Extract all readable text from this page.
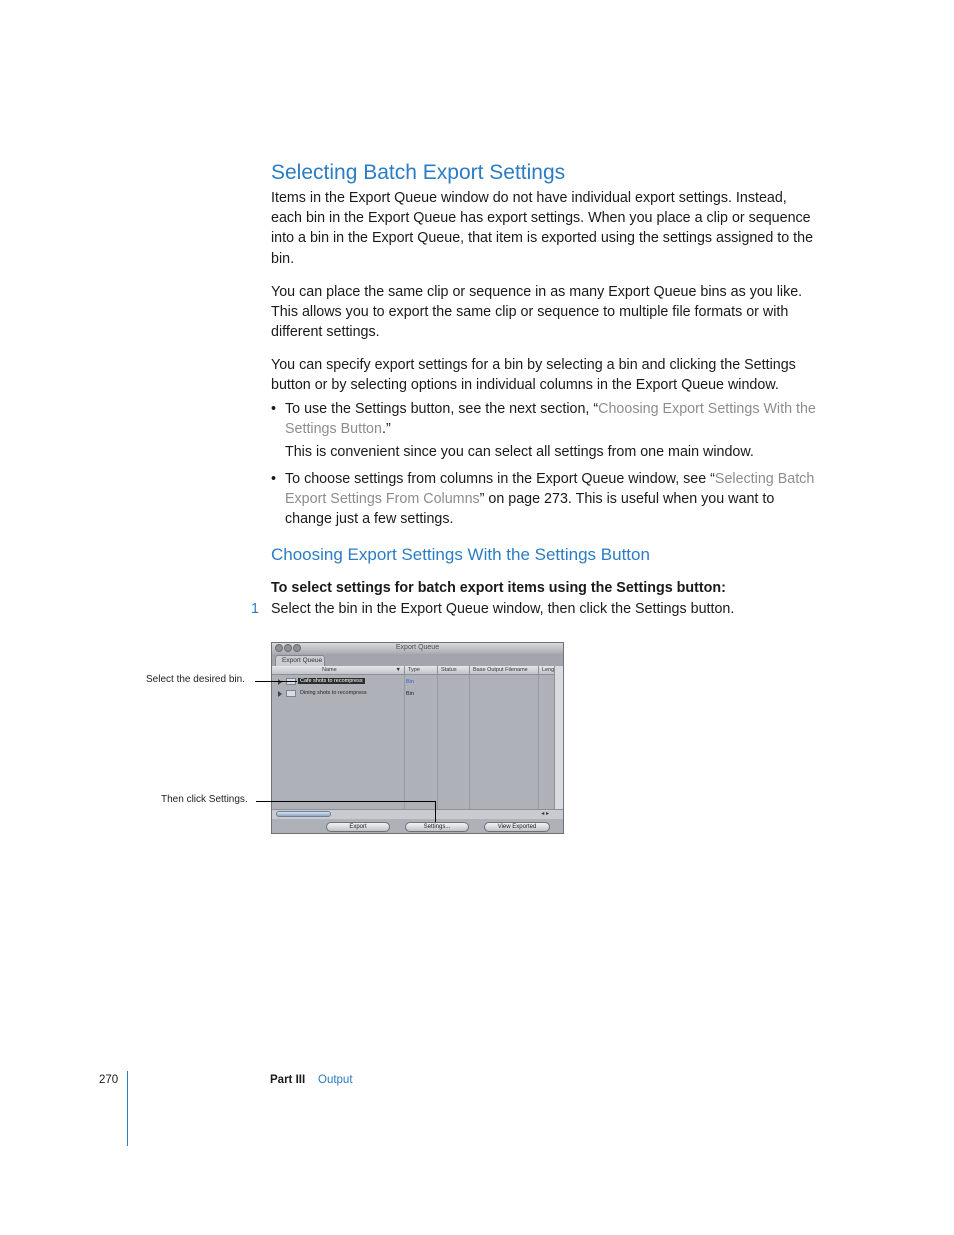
Selecting Batch Export Settings

Items in the Export Queue window do not have individual export settings. Instead, each bin in the Export Queue has export settings. When you place a clip or sequence into a bin in the Export Queue, that item is exported using the settings assigned to the bin.

You can place the same clip or sequence in as many Export Queue bins as you like. This allows you to export the same clip or sequence to multiple file formats or with different settings.

You can specify export settings for a bin by selecting a bin and clicking the Settings button or by selecting options in individual columns in the Export Queue window.

• To use the Settings button, see the next section, “Choosing Export Settings With the Settings Button.”
This is convenient since you can select all settings from one main window.
• To choose settings from columns in the Export Queue window, see “Selecting Batch Export Settings From Columns” on page 273. This is useful when you want to change just a few settings.
Choosing Export Settings With the Settings Button
To select settings for batch export items using the Settings button:
1 Select the bin in the Export Queue window, then click the Settings button.
Export Queue
Export Queue
Name	▼	Type	Status	Base Output Filename	Leng
Cafe shots to recompress	Bin
Dining shots to recompress	Bin
◂ ▸
Export	Settings...	View Exported
Select the desired bin.
Then click Settings.
270	Part III Output
